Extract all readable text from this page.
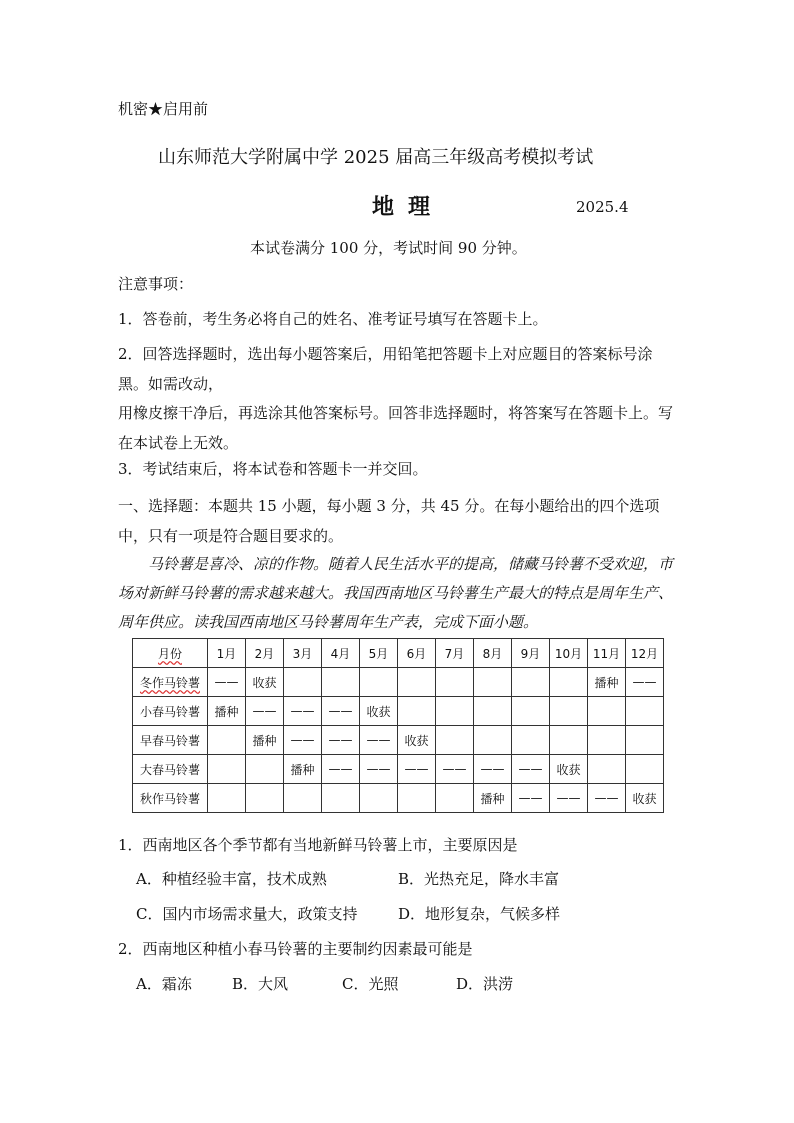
机密★启用前
山东师范大学附属中学 2025 届高三年级高考模拟考试
地理	2025.4
本试卷满分 100 分，考试时间 90 分钟。
注意事项：
1．答卷前，考生务必将自己的姓名、准考证号填写在答题卡上。
2．回答选择题时，选出每小题答案后，用铅笔把答题卡上对应题目的答案标号涂黑。如需改动，
用橡皮擦干净后，再选涂其他答案标号。回答非选择题时，将答案写在答题卡上。写在本试卷上无效。
3．考试结束后，将本试卷和答题卡一并交回。
一、选择题：本题共 15 小题，每小题 3 分，共 45 分。在每小题给出的四个选项中，只有一项是符合题目要求的。
马铃薯是喜冷、凉的作物。随着人民生活水平的提高，储藏马铃薯不受欢迎，市场对新鲜马铃薯的需求越来越大。我国西南地区马铃薯生产最大的特点是周年生产、周年供应。读我国西南地区马铃薯周年生产表，完成下面小题。
月份	1月	2月	3月	4月	5月	6月	7月	8月	9月	10月	11月	12月
冬作马铃薯	——	收获									播种	——
小春马铃薯	播种	——	——	——	收获							
早春马铃薯		播种	——	——	——	收获						
大春马铃薯			播种	——	——	——	——	——	——	收获		
秋作马铃薯								播种	——	——	——	收获
1．西南地区各个季节都有当地新鲜马铃薯上市，主要原因是
A．种植经验丰富，技术成熟	B．光热充足，降水丰富
C．国内市场需求量大，政策支持	D．地形复杂，气候多样
2．西南地区种植小春马铃薯的主要制约因素最可能是
A．霜冻	B．大风	C．光照	D．洪涝
